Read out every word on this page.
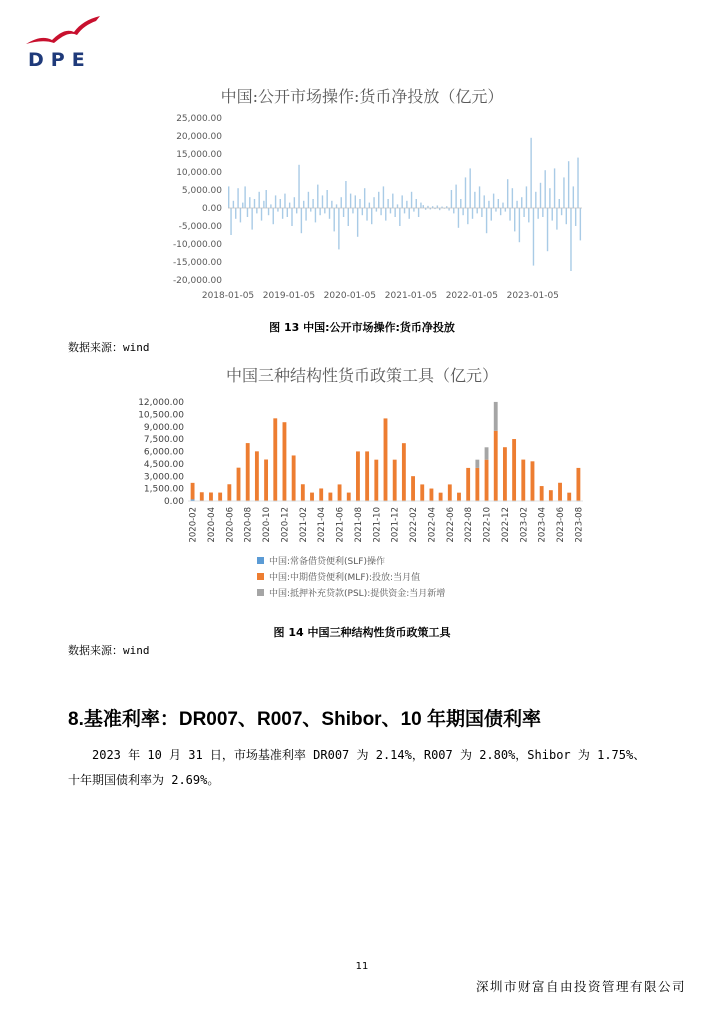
DPE
中国:公开市场操作:货币净投放（亿元）
25,000.00
20,000.00
15,000.00
10,000.00
5,000.00
0.00
-5,000.00
-10,000.00
-15,000.00
-20,000.00
2018-01-05 2019-01-05 2020-01-05 2021-01-05 2022-01-05 2023-01-05
图 13 中国:公开市场操作:货币净投放
数据来源：wind
中国三种结构性货币政策工具（亿元）
12,000.00
10,500.00
9,000.00
7,500.00
6,000.00
4,500.00
3,000.00
1,500.00
0.00
2020-02 2020-04 2020-06 2020-08 2020-10 2020-12 2021-02 2021-04 2021-06 2021-08 2021-10 2021-12 2022-02 2022-04 2022-06 2022-08 2022-10 2022-12 2023-02 2023-04 2023-06 2023-08
中国:常备借贷便利(SLF)操作
中国:中期借贷便利(MLF):投放:当月值
中国:抵押补充贷款(PSL):提供资金:当月新增
图 14 中国三种结构性货币政策工具
数据来源：wind
8.基准利率：DR007、R007、Shibor、10 年期国债利率
2023 年 10 月 31 日，市场基准利率 DR007 为 2.14%，R007 为 2.80%，Shibor 为 1.75%、十年期国债利率为 2.69%。
11
深圳市财富自由投资管理有限公司
